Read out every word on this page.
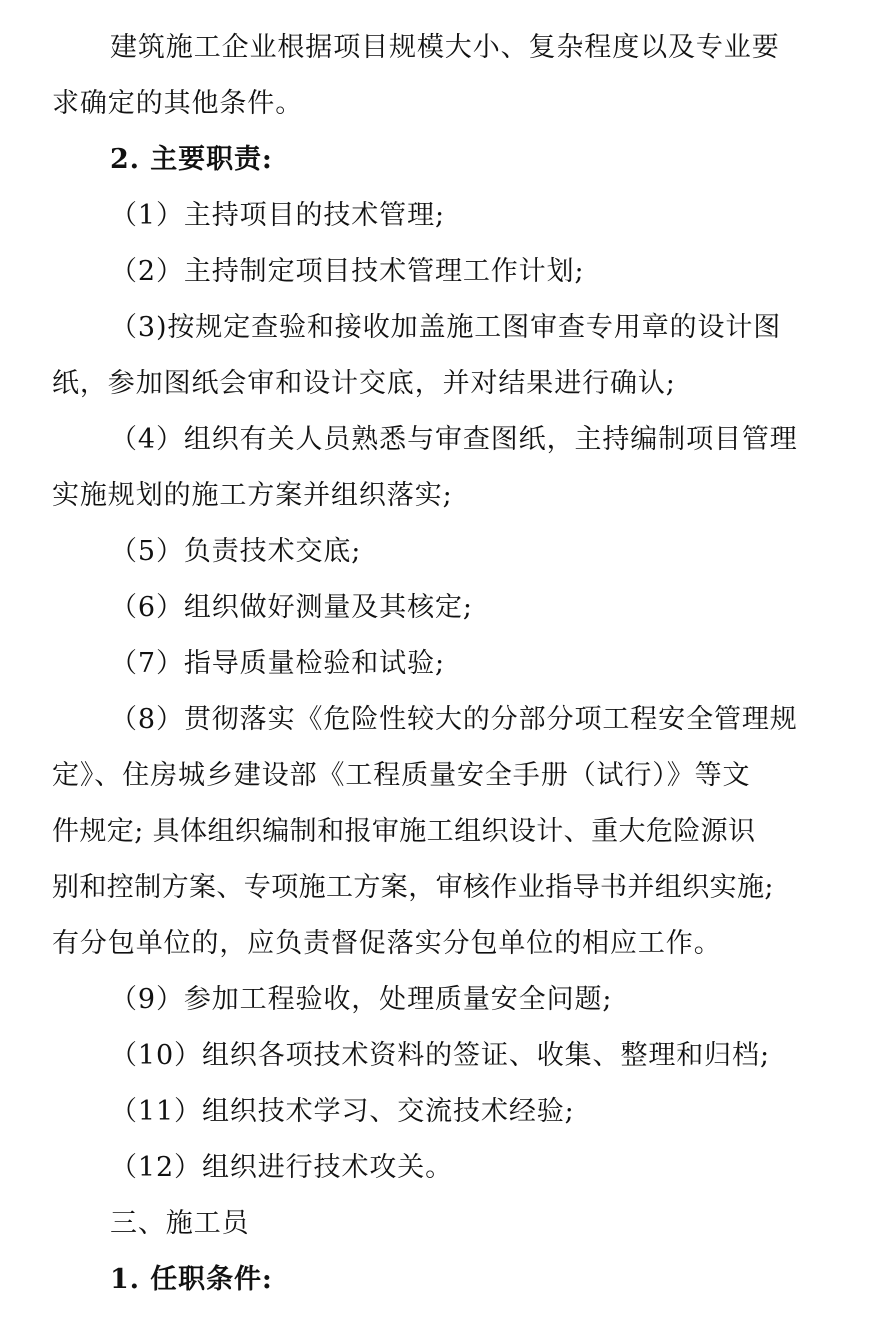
建筑施工企业根据项目规模大小、复杂程度以及专业要
求确定的其他条件。
2. 主要职责:
（1）主持项目的技术管理;
（2）主持制定项目技术管理工作计划;
（3)按规定查验和接收加盖施工图审查专用章的设计图
纸，参加图纸会审和设计交底，并对结果进行确认;
（4）组织有关人员熟悉与审查图纸，主持编制项目管理
实施规划的施工方案并组织落实;
（5）负责技术交底;
（6）组织做好测量及其核定;
（7）指导质量检验和试验;
（8）贯彻落实《危险性较大的分部分项工程安全管理规
定》、住房城乡建设部《工程质量安全手册（试行）》等文
件规定; 具体组织编制和报审施工组织设计、重大危险源识
别和控制方案、专项施工方案，审核作业指导书并组织实施;
有分包单位的，应负责督促落实分包单位的相应工作。
（9）参加工程验收，处理质量安全问题;
（10）组织各项技术资料的签证、收集、整理和归档;
（11）组织技术学习、交流技术经验;
（12）组织进行技术攻关。
三、施工员
1. 任职条件:
